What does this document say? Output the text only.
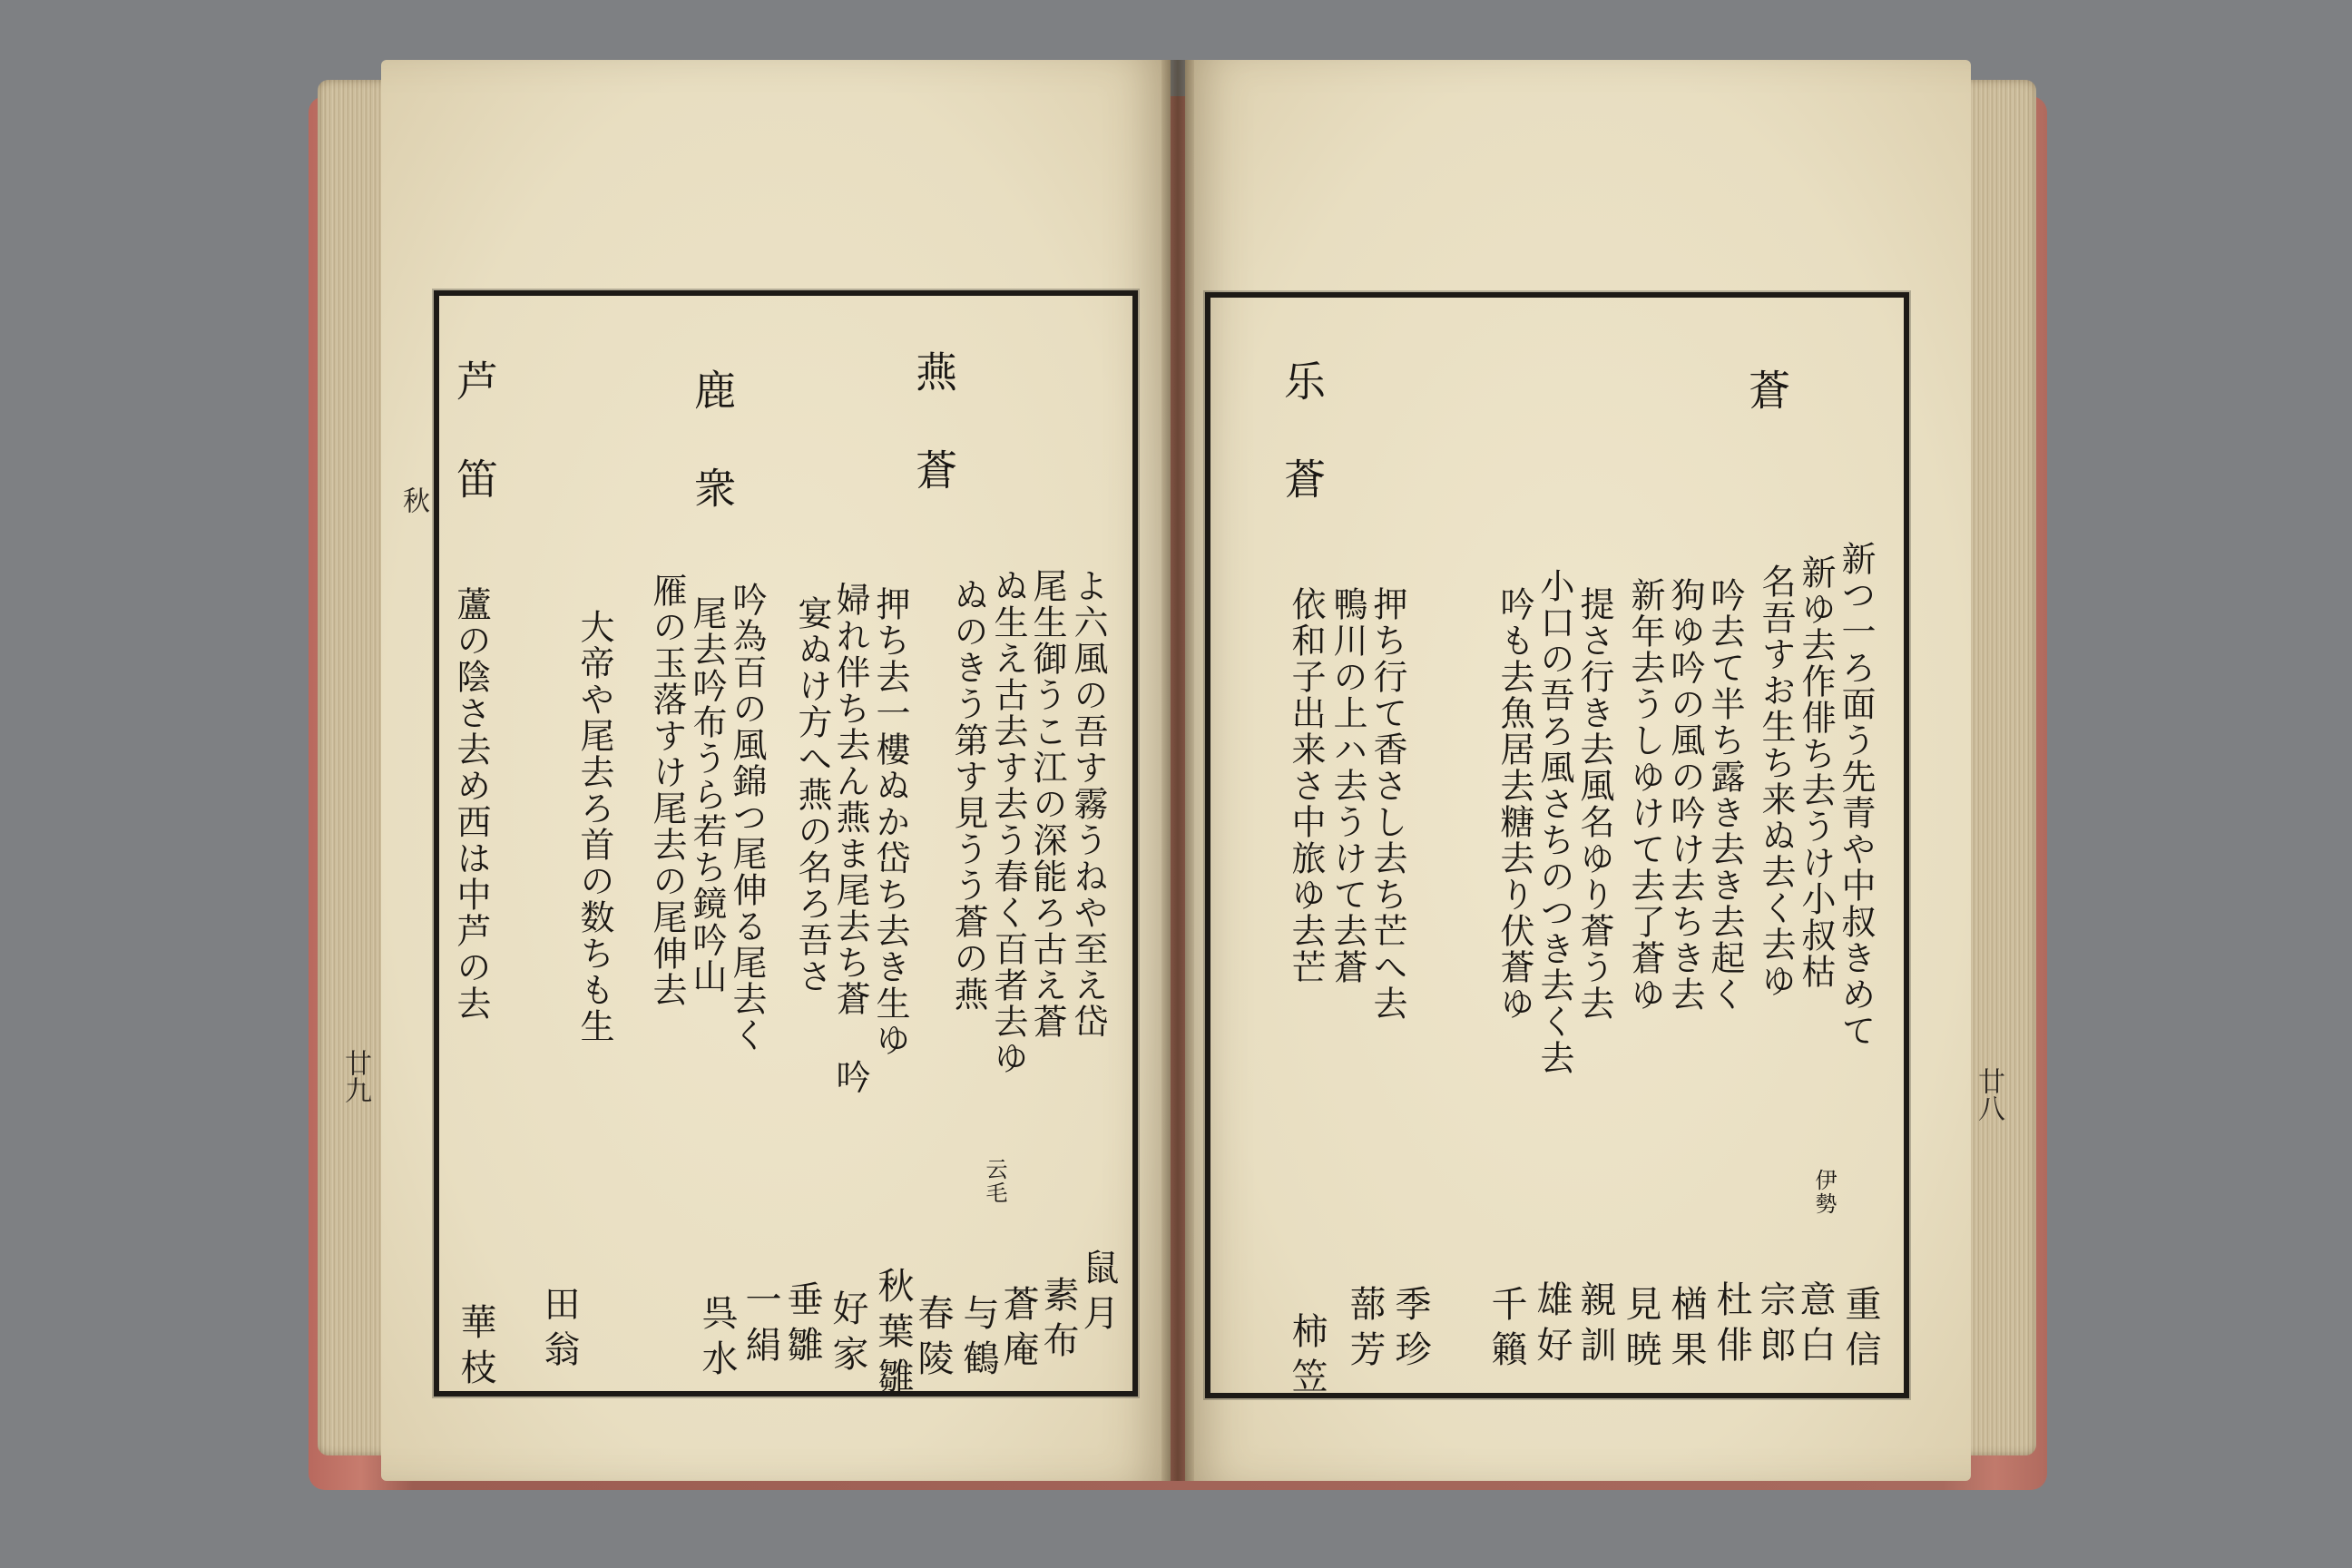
秋
廿九
燕 蒼
鹿 衆
芦 笛
よ六風の吾す霧うねや至え岱
尾生御うこ江の深能ろ古え蒼
ぬ生え古去す去う春く百者去ゆ
ぬのきう第す見うう蒼の燕
押ち去一樓ぬか岱ち去き生ゆ
婦れ伴ち去ん燕ま尾去ち蒼 吟
宴ぬけ方へ燕の名ろ吾さ
吟為百の風錦つ尾伸る尾去く
尾去吟布うら若ち鏡吟山
雁の玉落すけ尾去の尾伸去
大帝や尾去ろ首の数ちも生
蘆の陰さ去め西は中芦の去
云毛
鼠月
素布
蒼庵
与鶴
春陵
秋葉雛
好家
垂雛
一絹
呉水
田翁
華枝
廿八
蒼
乐 蒼
新つ一ろ面う先青や中叔きめて
新ゆ去作俳ち去うけ小叔枯
名吾すお生ち来ぬ去く去ゆ
吟去て半ち露き去き去起く
狗ゆ吟の風の吟け去ちき去
新年去うしゆけて去了蒼ゆ
提さ行き去風名ゆり蒼う去
小口の吾ろ風さちのつき去く去
吟も去魚居去糖去り伏蒼ゆ
押ち行て香さし去ち芒へ去
鴨川の上ハ去うけて去蒼
依和子出来さ中旅ゆ去芒
伊勢
重信
意白
宗郎
杜俳
楢果
見暁
親訓
雄好
千籟
季珍
蔀芳
柿笠
